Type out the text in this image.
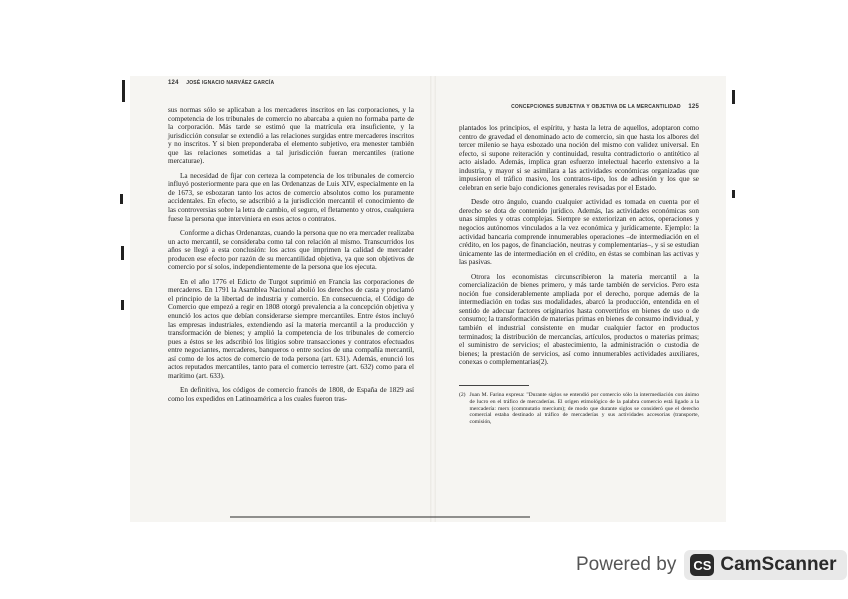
124 JOSÉ IGNACIO NARVÁEZ GARCÍA

sus normas sólo se aplicaban a los mercaderes inscritos en las corporaciones, y la competencia de los tribunales de comercio no abarcaba a quien no formaba parte de la corporación. Más tarde se estimó que la matrícula era insuficiente, y la jurisdicción consular se extendió a las relaciones surgidas entre mercaderes inscritos y no inscritos. Y si bien preponderaba el elemento subjetivo, era menester también que las relaciones sometidas a tal jurisdicción fueran mercantiles (ratione mercaturae).

La necesidad de fijar con certeza la competencia de los tribunales de comercio influyó posteriormente para que en las Ordenanzas de Luis XIV, especialmente en la de 1673, se esbozaran tanto los actos de comercio absolutos como los puramente accidentales. En efecto, se adscribió a la jurisdicción mercantil el conocimiento de las controversias sobre la letra de cambio, el seguro, el fletamento y otros, cualquiera fuese la persona que interviniera en esos actos o contratos.

Conforme a dichas Ordenanzas, cuando la persona que no era mercader realizaba un acto mercantil, se consideraba como tal con relación al mismo. Transcurridos los años se llegó a esta conclusión: los actos que imprimen la calidad de mercader producen ese efecto por razón de su mercantilidad objetiva, ya que son objetivos de comercio por sí solos, independientemente de la persona que los ejecuta.

En el año 1776 el Edicto de Turgot suprimió en Francia las corporaciones de mercaderes. En 1791 la Asamblea Nacional abolió los derechos de casta y proclamó el principio de la libertad de industria y comercio. En consecuencia, el Código de Comercio que empezó a regir en 1808 otorgó prevalencia a la concepción objetiva y enunció los actos que debían considerarse siempre mercantiles. Entre éstos incluyó las empresas industriales, extendiendo así la materia mercantil a la producción y transformación de bienes; y amplió la competencia de los tribunales de comercio pues a éstos se les adscribió los litigios sobre transacciones y contratos efectuados entre negociantes, mercaderes, banqueros o entre socios de una compañía mercantil, así como de los actos de comercio de toda persona (art. 631). Además, enunció los actos reputados mercantiles, tanto para el comercio terrestre (art. 632) como para el marítimo (art. 633).

En definitiva, los códigos de comercio francés de 1808, de España de 1829 así como los expedidos en Latinoamérica a los cuales fueron tras-

CONCEPCIONES SUBJETIVA Y OBJETIVA DE LA MERCANTILIDAD 125

plantados los principios, el espíritu, y hasta la letra de aquellos, adoptaron como centro de gravedad el denominado acto de comercio, sin que hasta los albores del tercer milenio se haya esbozado una noción del mismo con validez universal. En efecto, si supone reiteración y continuidad, resulta contradictorio o antitético al acto aislado. Además, implica gran esfuerzo intelectual hacerlo extensivo a la industria, y mayor si se asimilara a las actividades económicas organizadas que impusieron el tráfico masivo, los contratos-tipo, los de adhesión y los que se celebran en serie bajo condiciones generales revisadas por el Estado.

Desde otro ángulo, cuando cualquier actividad es tomada en cuenta por el derecho se dota de contenido jurídico. Además, las actividades económicas son unas simples y otras complejas. Siempre se exteriorizan en actos, operaciones y negocios autónomos vinculados a la vez económica y jurídicamente. Ejemplo: la actividad bancaria comprende innumerables operaciones –de intermediación en el crédito, en los pagos, de financiación, neutras y complementarias–, y si se estudian únicamente las de intermediación en el crédito, en éstas se combinan las activas y las pasivas.

Otrora los economistas circunscribieron la materia mercantil a la comercialización de bienes primero, y más tarde también de servicios. Pero esta noción fue considerablemente ampliada por el derecho, porque además de la intermediación en todas sus modalidades, abarcó la producción, entendida en el sentido de adecuar factores originarios hasta convertirlos en bienes de uso o de consumo; la transformación de materias primas en bienes de consumo individual, y también el industrial consistente en mudar cualquier factor en productos terminados; la distribución de mercancías, artículos, productos o materias primas; el suministro de servicios; el abastecimiento, la administración o custodia de bienes; la prestación de servicios, así como innumerables actividades auxiliares, conexas o complementarias(2).

(2) Juan M. Farina expresa: "Durante siglos se entendió por comercio sólo la intermediación con ánimo de lucro en el tráfico de mercaderías. El origen etimológico de la palabra comercio está ligado a la mercadería: merx (commutatio mercium); de modo que durante siglos se consideró que el derecho comercial estaba destinado al tráfico de mercaderías y sus actividades accesorias (transporte, comisión,
Powered by CS CamScanner
